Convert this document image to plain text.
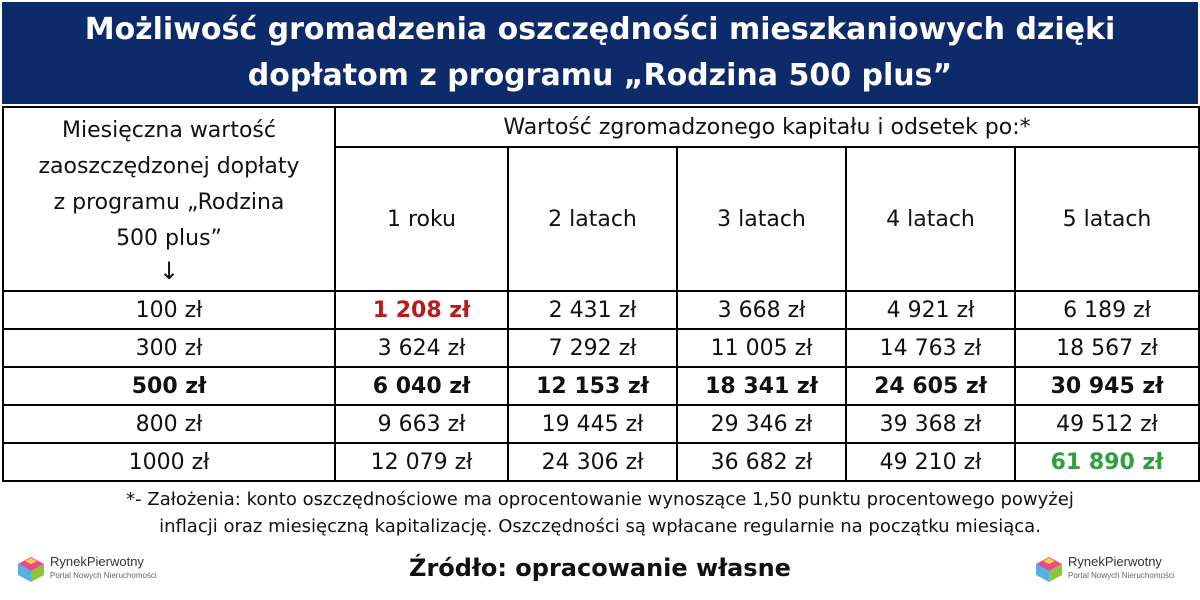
Możliwość gromadzenia oszczędności mieszkaniowych dzięki
dopłatom z programu „Rodzina 500 plus”
Miesięczna wartość
zaoszczędzonej dopłaty
z programu „Rodzina
500 plus”
↓	Wartość zgromadzonego kapitału i odsetek po:*				
	1 roku	2 latach	3 latach	4 latach	5 latach
100 zł	1 208 zł	2 431 zł	3 668 zł	4 921 zł	6 189 zł
300 zł	3 624 zł	7 292 zł	11 005 zł	14 763 zł	18 567 zł
500 zł	6 040 zł	12 153 zł	18 341 zł	24 605 zł	30 945 zł
800 zł	9 663 zł	19 445 zł	29 346 zł	39 368 zł	49 512 zł
1000 zł	12 079 zł	24 306 zł	36 682 zł	49 210 zł	61 890 zł
*- Założenia: konto oszczędnościowe ma oprocentowanie wynoszące 1,50 punktu procentowego powyżej
inflacji oraz miesięczną kapitalizację. Oszczędności są wpłacane regularnie na początku miesiąca.
Źródło: opracowanie własne
RynekPierwotny
Portal Nowych Nieruchomości
RynekPierwotny
Portal Nowych Nieruchomości
